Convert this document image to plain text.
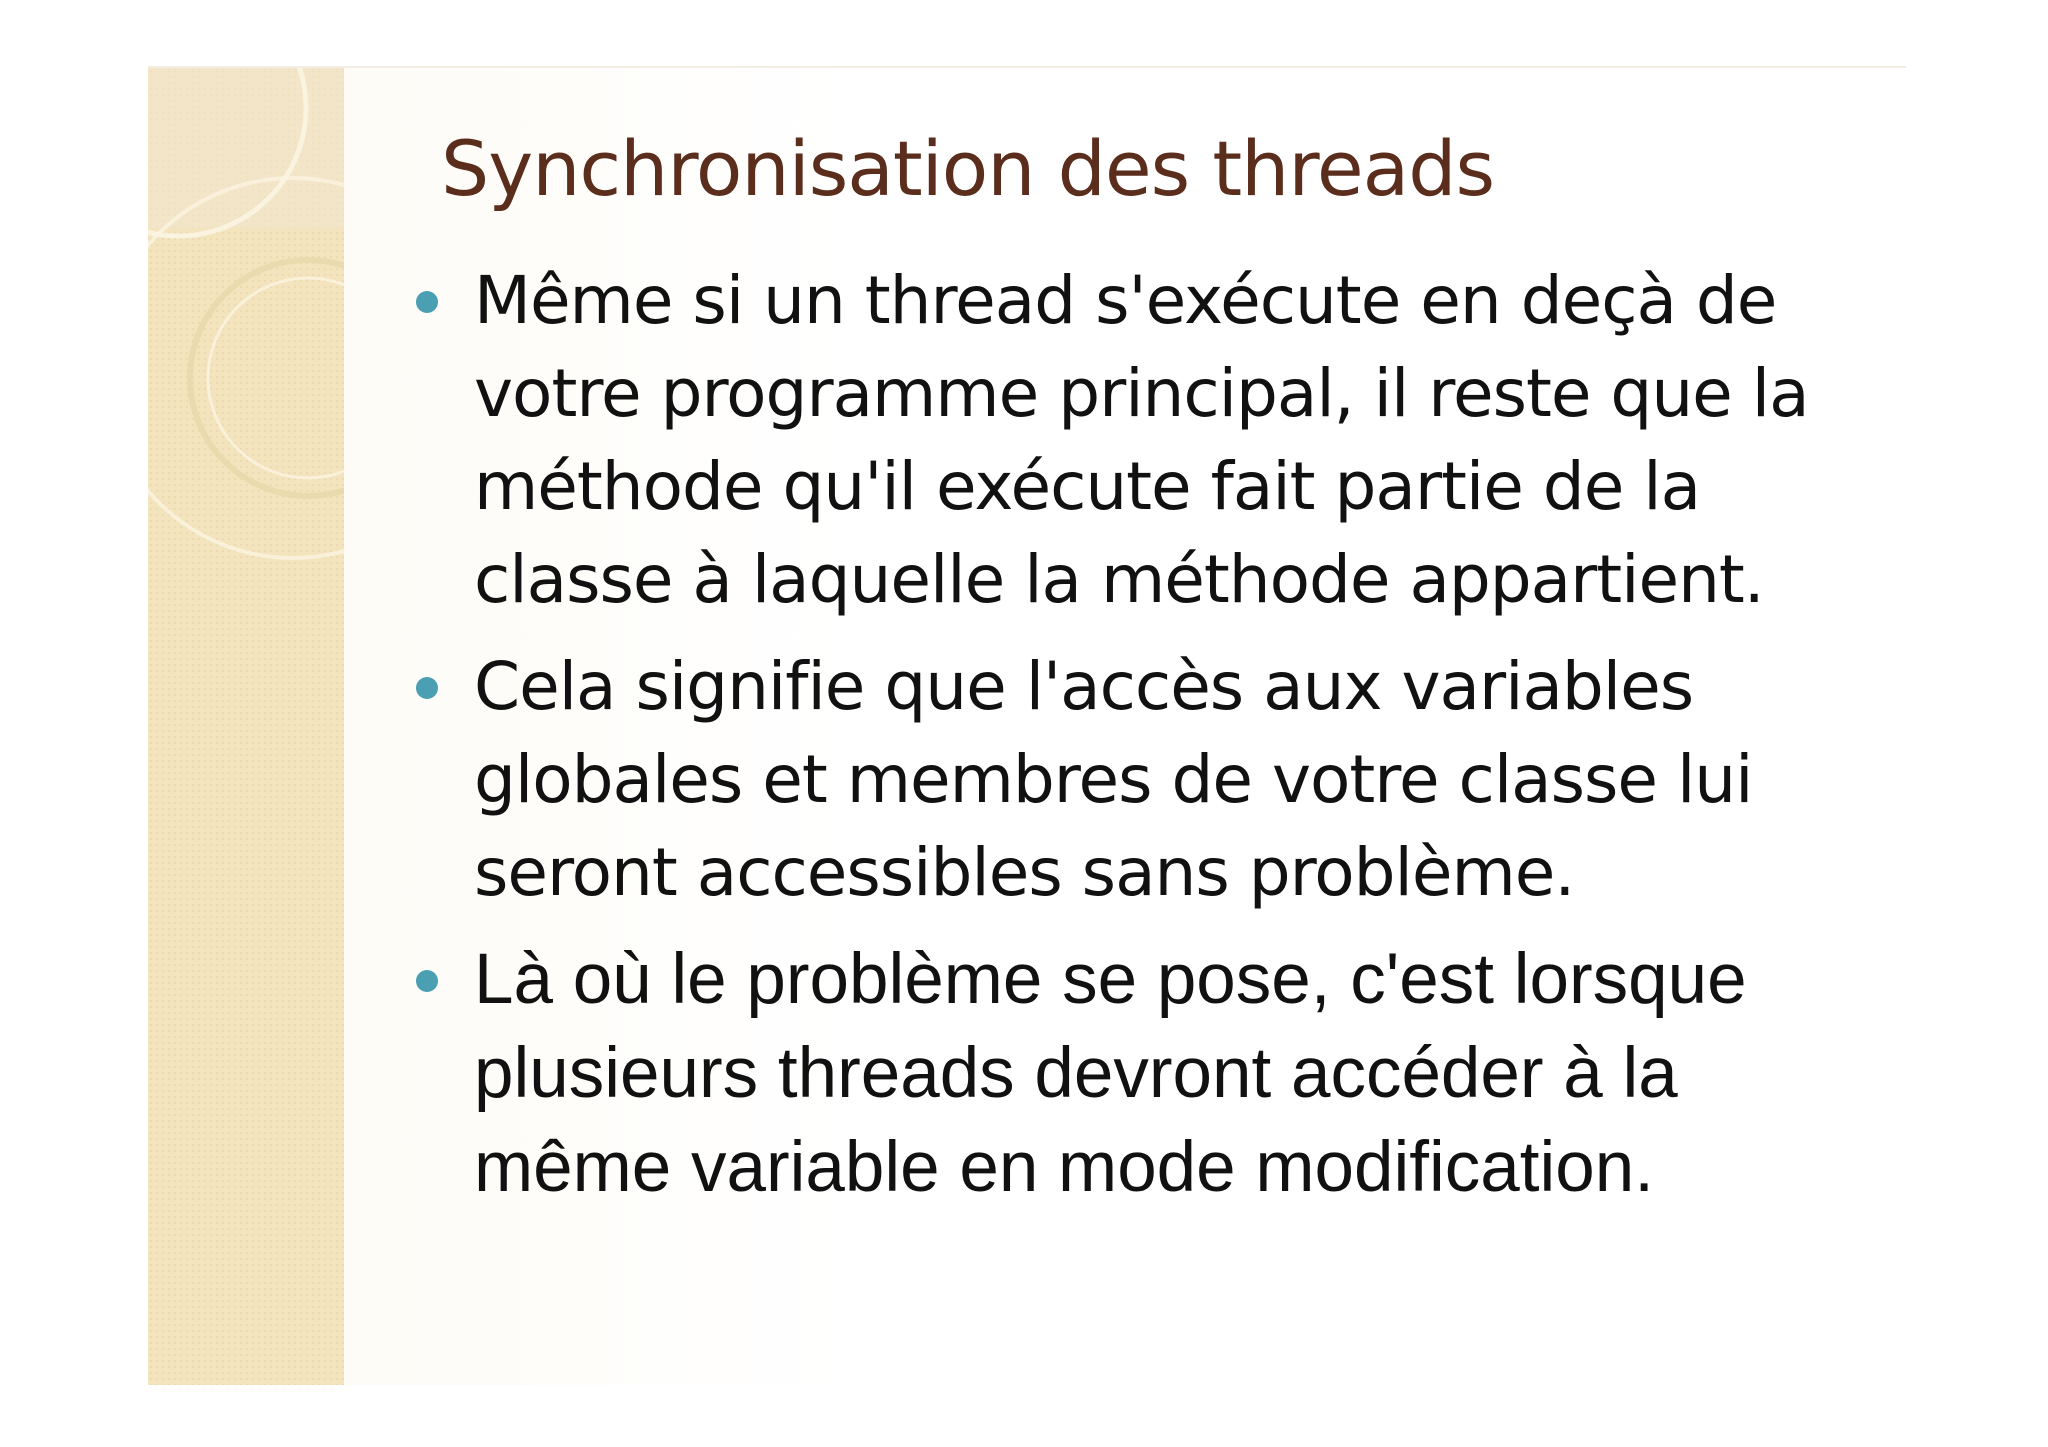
Synchronisation des threads
Même si un thread s'exécute en deçà de votre programme principal, il reste que la méthode qu'il exécute fait partie de la classe à laquelle la méthode appartient.
Cela signifie que l'accès aux variables globales et membres de votre classe lui seront accessibles sans problème.
Là où le problème se pose, c'est lorsque plusieurs threads devront accéder à la même variable en mode modification.
